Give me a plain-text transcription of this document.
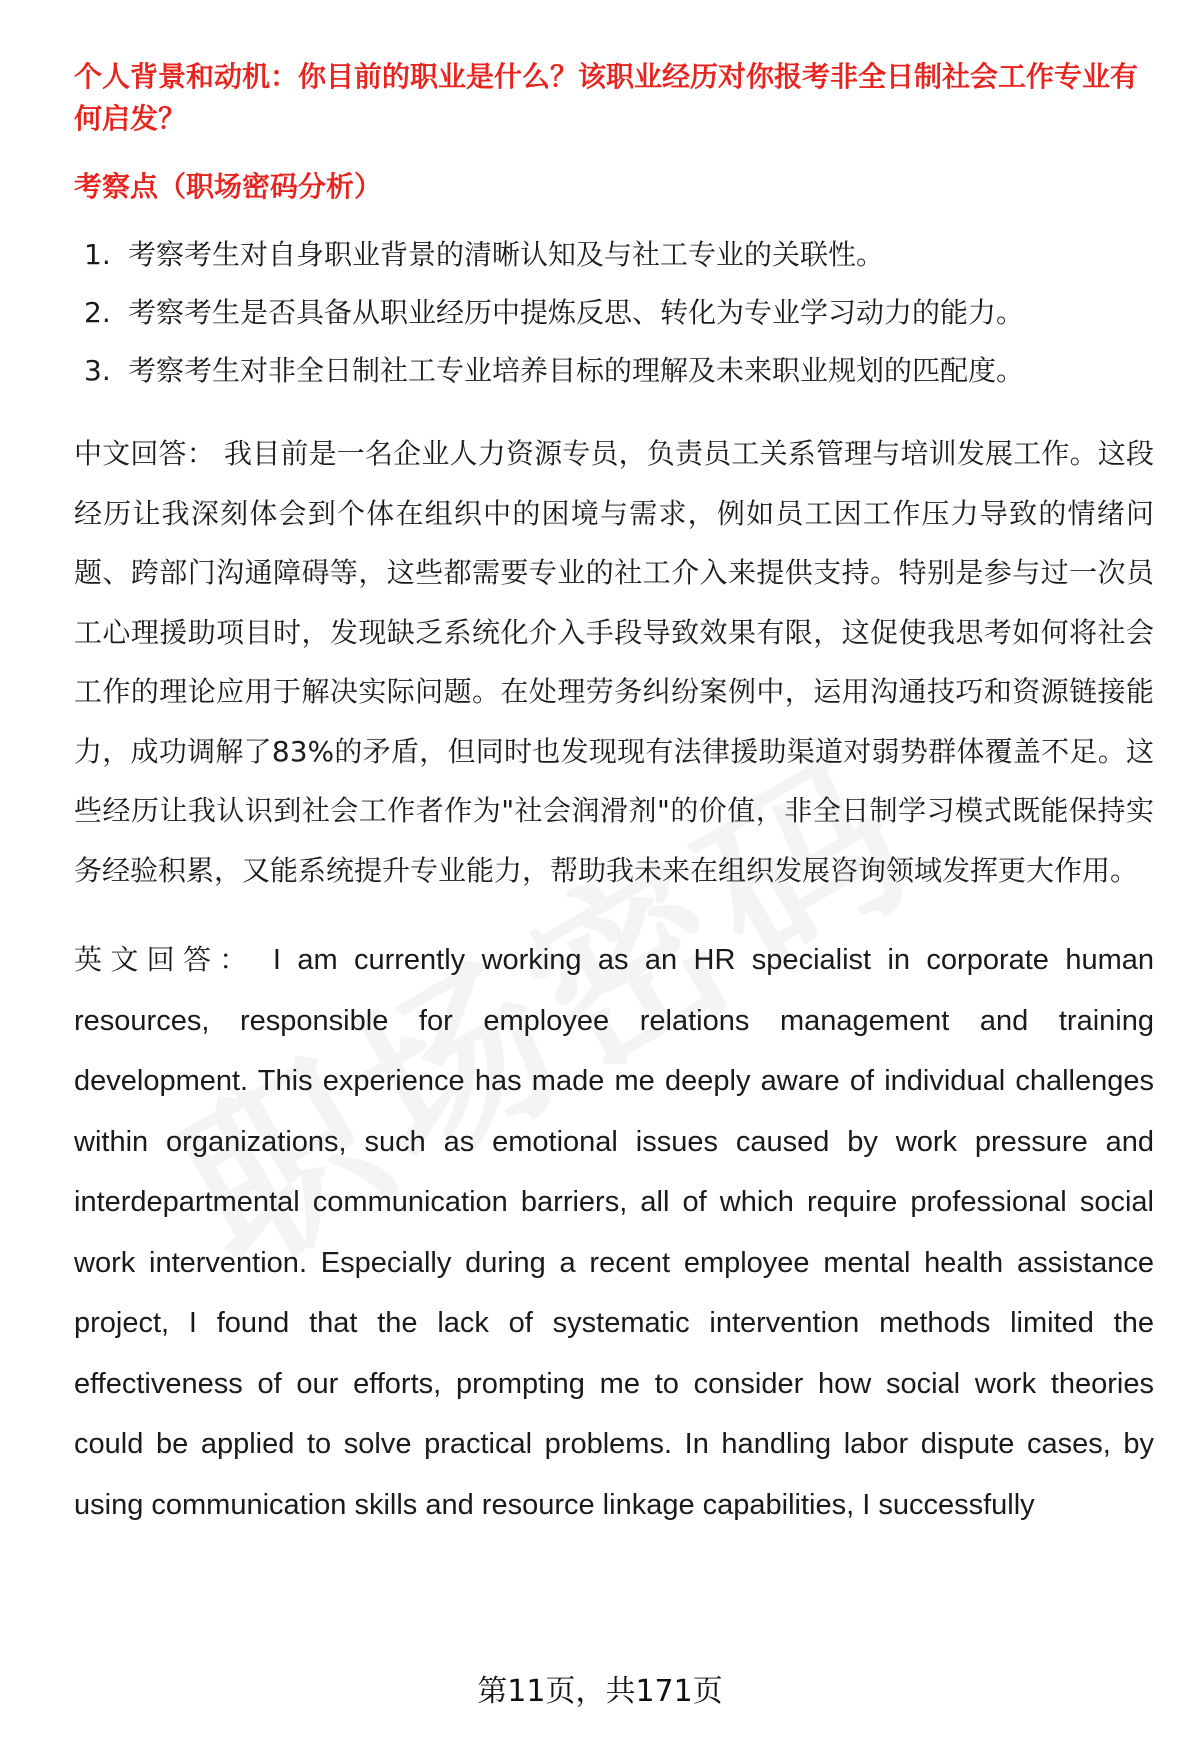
个人背景和动机：你目前的职业是什么？该职业经历对你报考非全日制社会工作专业有何启发？

考察点（职场密码分析）

1. 考察考生对自身职业背景的清晰认知及与社工专业的关联性。
2. 考察考生是否具备从职业经历中提炼反思、转化为专业学习动力的能力。
3. 考察考生对非全日制社工专业培养目标的理解及未来职业规划的匹配度。

中文回答： 我目前是一名企业人力资源专员，负责员工关系管理与培训发展工作。这段经历让我深刻体会到个体在组织中的困境与需求，例如员工因工作压力导致的情绪问题、跨部门沟通障碍等，这些都需要专业的社工介入来提供支持。特别是参与过一次员工心理援助项目时，发现缺乏系统化介入手段导致效果有限，这促使我思考如何将社会工作的理论应用于解决实际问题。在处理劳务纠纷案例中，运用沟通技巧和资源链接能力，成功调解了83%的矛盾，但同时也发现现有法律援助渠道对弱势群体覆盖不足。这些经历让我认识到社会工作者作为"社会润滑剂"的价值，非全日制学习模式既能保持实务经验积累，又能系统提升专业能力，帮助我未来在组织发展咨询领域发挥更大作用。

英文回答： I am currently working as an HR specialist in corporate human resources, responsible for employee relations management and training development. This experience has made me deeply aware of individual challenges within organizations, such as emotional issues caused by work pressure and interdepartmental communication barriers, all of which require professional social work intervention. Especially during a recent employee mental health assistance project, I found that the lack of systematic intervention methods limited the effectiveness of our efforts, prompting me to consider how social work theories could be applied to solve practical problems. In handling labor dispute cases, by using communication skills and resource linkage capabilities, I successfully

第11页，共171页
